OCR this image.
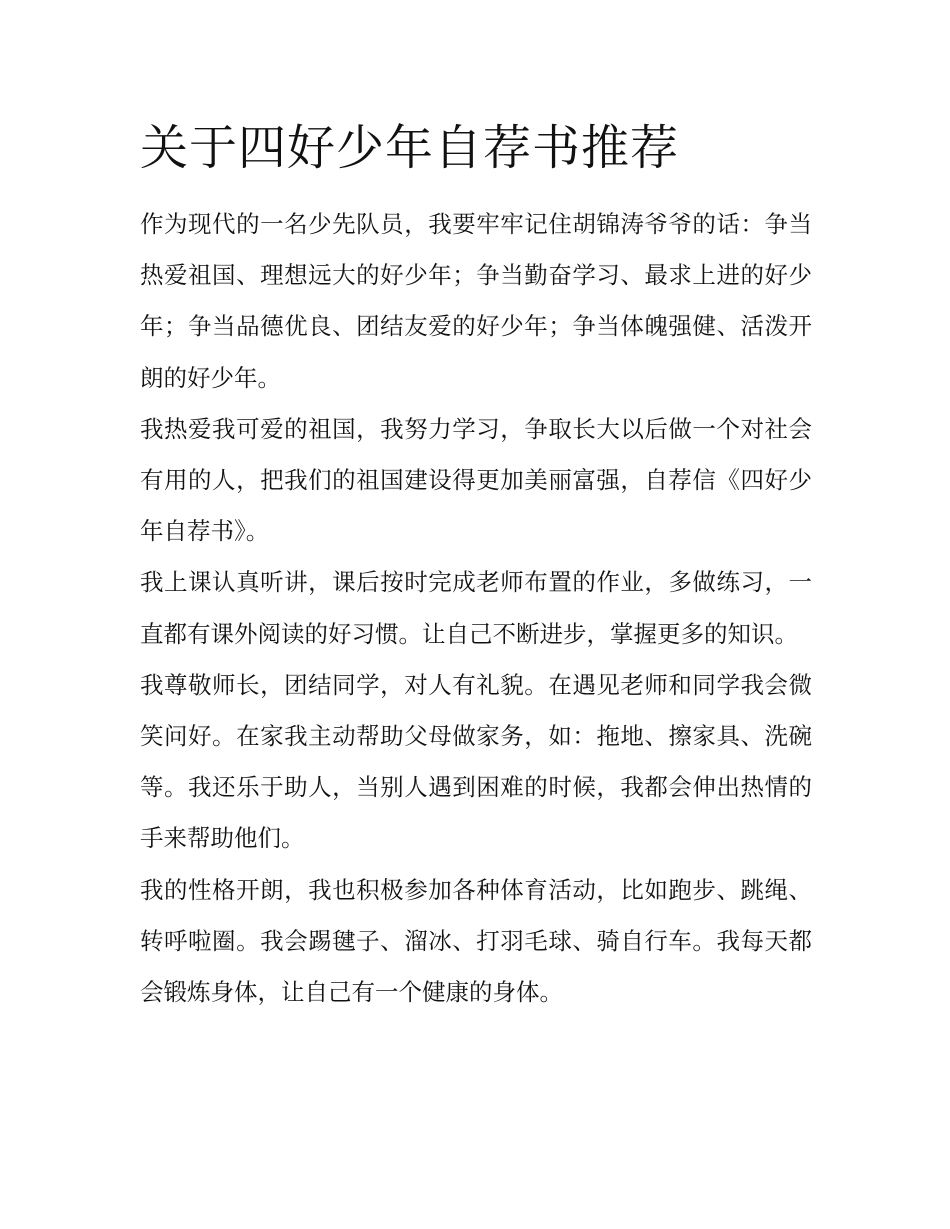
关于四好少年自荐书推荐

作为现代的一名少先队员，我要牢牢记住胡锦涛爷爷的话：争当热爱祖国、理想远大的好少年；争当勤奋学习、最求上进的好少年；争当品德优良、团结友爱的好少年；争当体魄强健、活泼开朗的好少年。

我热爱我可爱的祖国，我努力学习，争取长大以后做一个对社会有用的人，把我们的祖国建设得更加美丽富强，自荐信《四好少年自荐书》。

我上课认真听讲，课后按时完成老师布置的作业，多做练习，一直都有课外阅读的好习惯。让自己不断进步，掌握更多的知识。

我尊敬师长，团结同学，对人有礼貌。在遇见老师和同学我会微笑问好。在家我主动帮助父母做家务，如：拖地、擦家具、洗碗等。我还乐于助人，当别人遇到困难的时候，我都会伸出热情的手来帮助他们。

我的性格开朗，我也积极参加各种体育活动，比如跑步、跳绳、转呼啦圈。我会踢毽子、溜冰、打羽毛球、骑自行车。我每天都会锻炼身体，让自己有一个健康的身体。
